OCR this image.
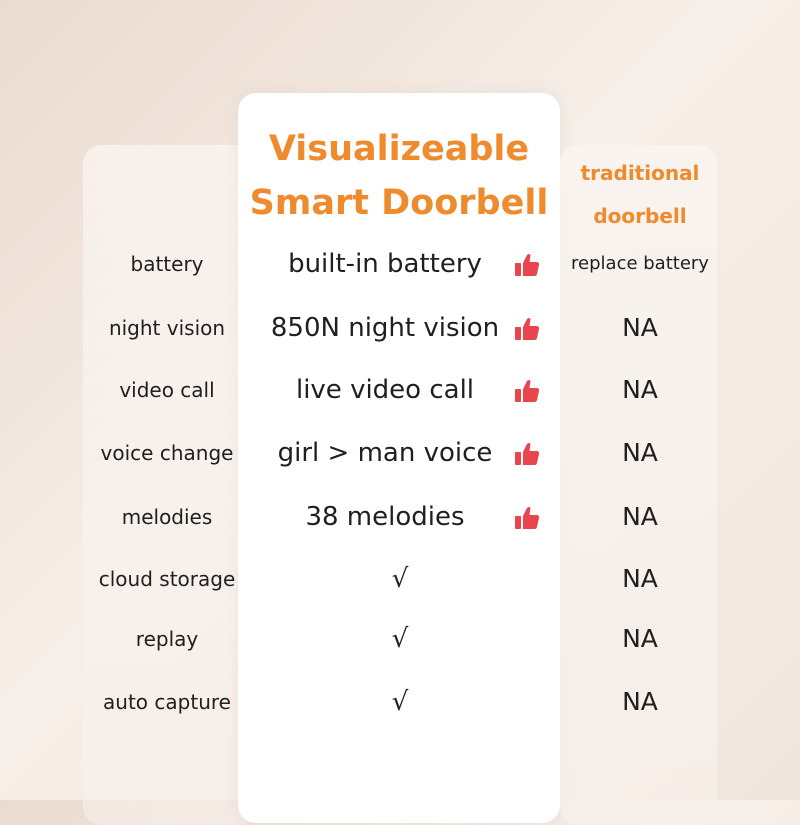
Visualizeable
Smart Doorbell
traditional
doorbell
battery	built-in battery	replace battery
night vision	850N night vision	NA
video call	live video call	NA
voice change	girl > man voice	NA
melodies	38 melodies	NA
cloud storage	√	NA
replay	√	NA
auto capture	√	NA
